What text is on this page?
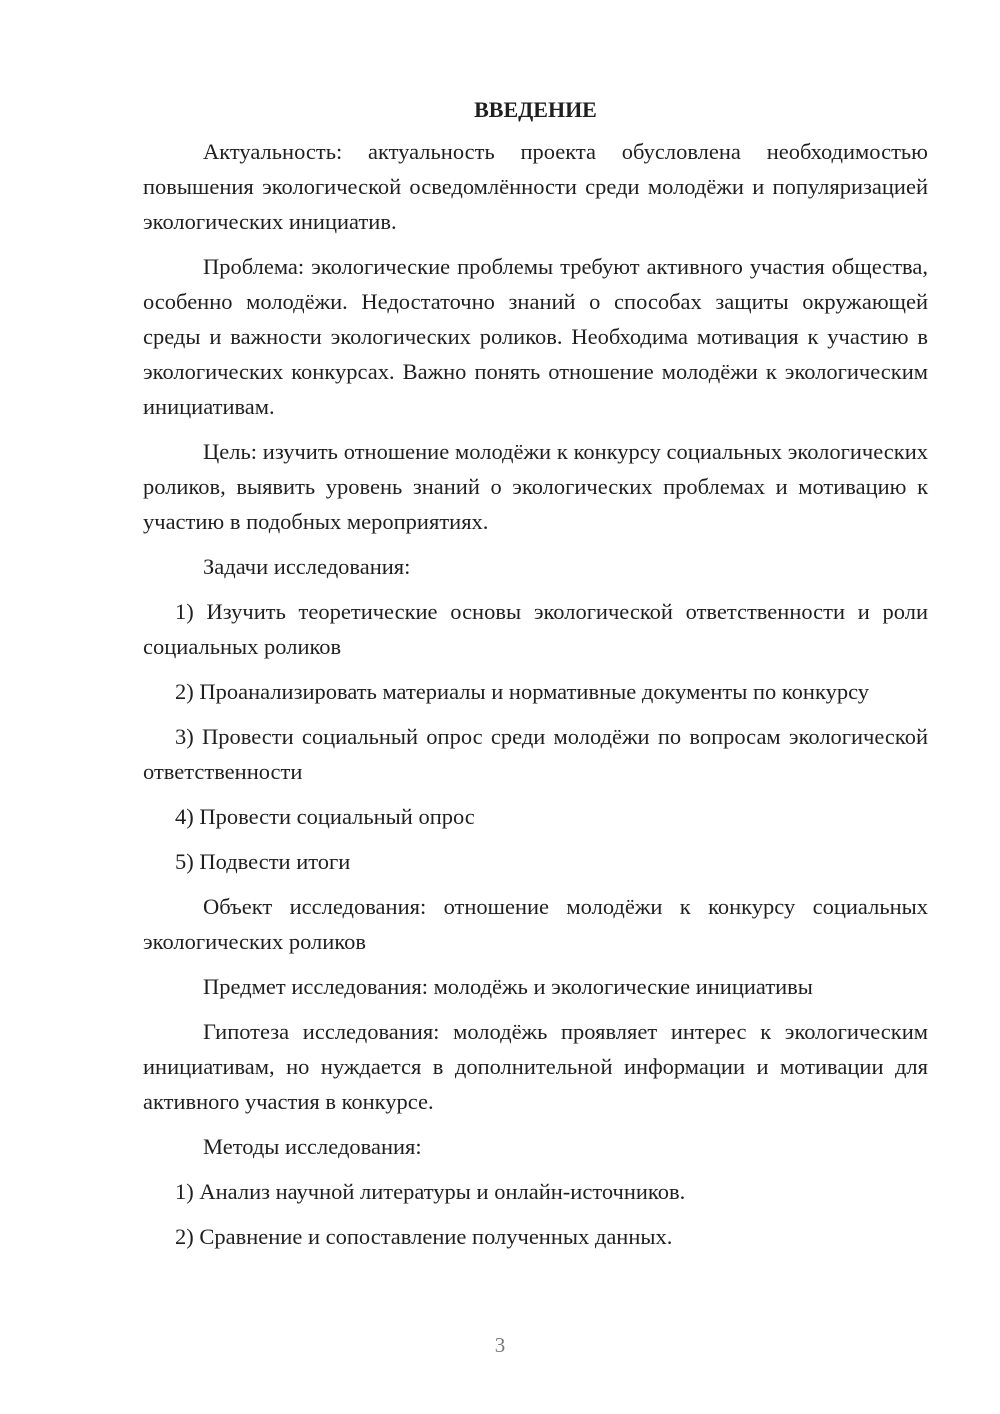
ВВЕДЕНИЕ

Актуальность: актуальность проекта обусловлена необходимостью повышения экологической осведомлённости среди молодёжи и популяризацией экологических инициатив.

Проблема: экологические проблемы требуют активного участия общества, особенно молодёжи. Недостаточно знаний о способах защиты окружающей среды и важности экологических роликов. Необходима мотивация к участию в экологических конкурсах. Важно понять отношение молодёжи к экологическим инициативам.

Цель: изучить отношение молодёжи к конкурсу социальных экологических роликов, выявить уровень знаний о экологических проблемах и мотивацию к участию в подобных мероприятиях.

Задачи исследования:

1) Изучить теоретические основы экологической ответственности и роли социальных роликов

2) Проанализировать материалы и нормативные документы по конкурсу

3) Провести социальный опрос среди молодёжи по вопросам экологической ответственности

4) Провести социальный опрос

5) Подвести итоги

Объект исследования: отношение молодёжи к конкурсу социальных экологических роликов

Предмет исследования: молодёжь и экологические инициативы

Гипотеза исследования: молодёжь проявляет интерес к экологическим инициативам, но нуждается в дополнительной информации и мотивации для активного участия в конкурсе.

Методы исследования:

1) Анализ научной литературы и онлайн-источников.

2) Сравнение и сопоставление полученных данных.

3
